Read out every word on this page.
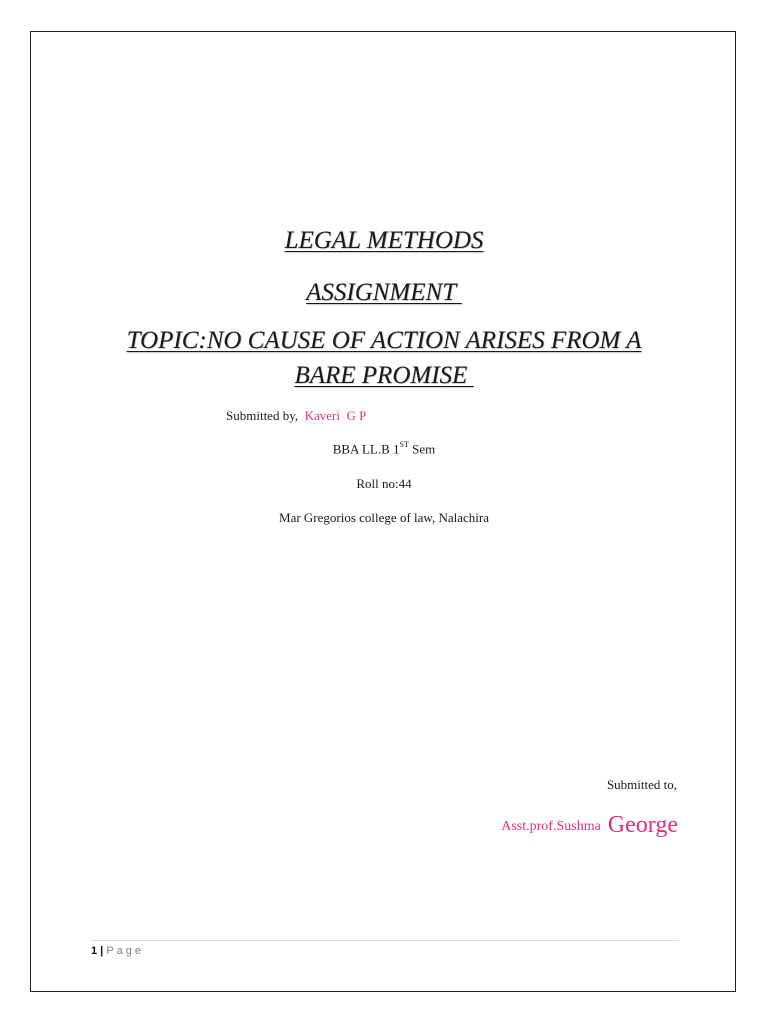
LEGAL METHODS
ASSIGNMENT
TOPIC:NO CAUSE OF ACTION ARISES FROM A
BARE PROMISE
Submitted by,  Kaveri  G P
BBA LL.B 1ST Sem
Roll no:44
Mar Gregorios college of law, Nalachira
Submitted to,
Asst.prof.Sushma  George
1 | Page
